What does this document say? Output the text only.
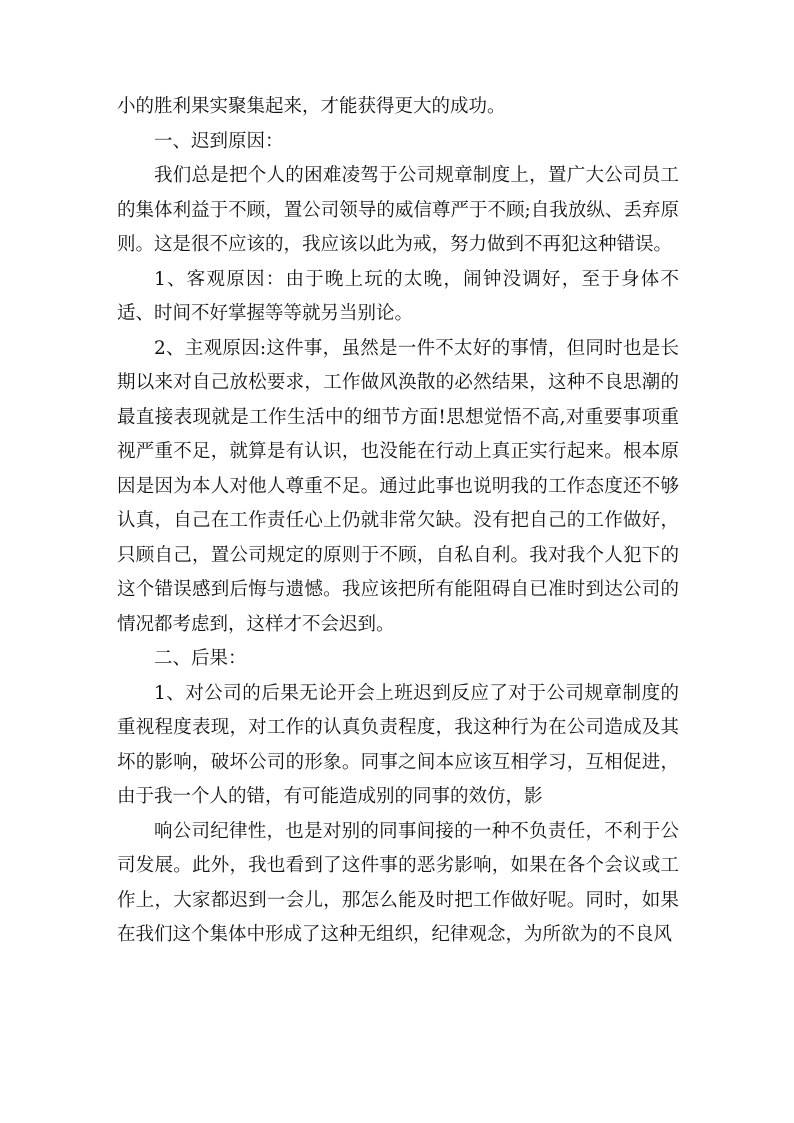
小的胜利果实聚集起来，才能获得更大的成功。

一、迟到原因：

我们总是把个人的困难凌驾于公司规章制度上，置广大公司员工的集体利益于不顾，置公司领导的威信尊严于不顾;自我放纵、丢弃原则。这是很不应该的，我应该以此为戒，努力做到不再犯这种错误。

1、客观原因：由于晚上玩的太晚，闹钟没调好，至于身体不适、时间不好掌握等等就另当别论。

2、主观原因:这件事，虽然是一件不太好的事情，但同时也是长期以来对自己放松要求，工作做风涣散的必然结果，这种不良思潮的最直接表现就是工作生活中的细节方面!思想觉悟不高,对重要事项重视严重不足，就算是有认识，也没能在行动上真正实行起来。根本原因是因为本人对他人尊重不足。通过此事也说明我的工作态度还不够认真，自己在工作责任心上仍就非常欠缺。没有把自己的工作做好，只顾自己，置公司规定的原则于不顾，自私自利。我对我个人犯下的这个错误感到后悔与遗憾。我应该把所有能阻碍自已准时到达公司的情况都考虑到，这样才不会迟到。

二、后果：

1、对公司的后果无论开会上班迟到反应了对于公司规章制度的重视程度表现，对工作的认真负责程度，我这种行为在公司造成及其坏的影响，破坏公司的形象。同事之间本应该互相学习，互相促进，由于我一个人的错，有可能造成别的同事的效仿，影

响公司纪律性，也是对别的同事间接的一种不负责任，不利于公司发展。此外，我也看到了这件事的恶劣影响，如果在各个会议或工作上，大家都迟到一会儿，那怎么能及时把工作做好呢。同时，如果在我们这个集体中形成了这种无组织，纪律观念，为所欲为的不良风
